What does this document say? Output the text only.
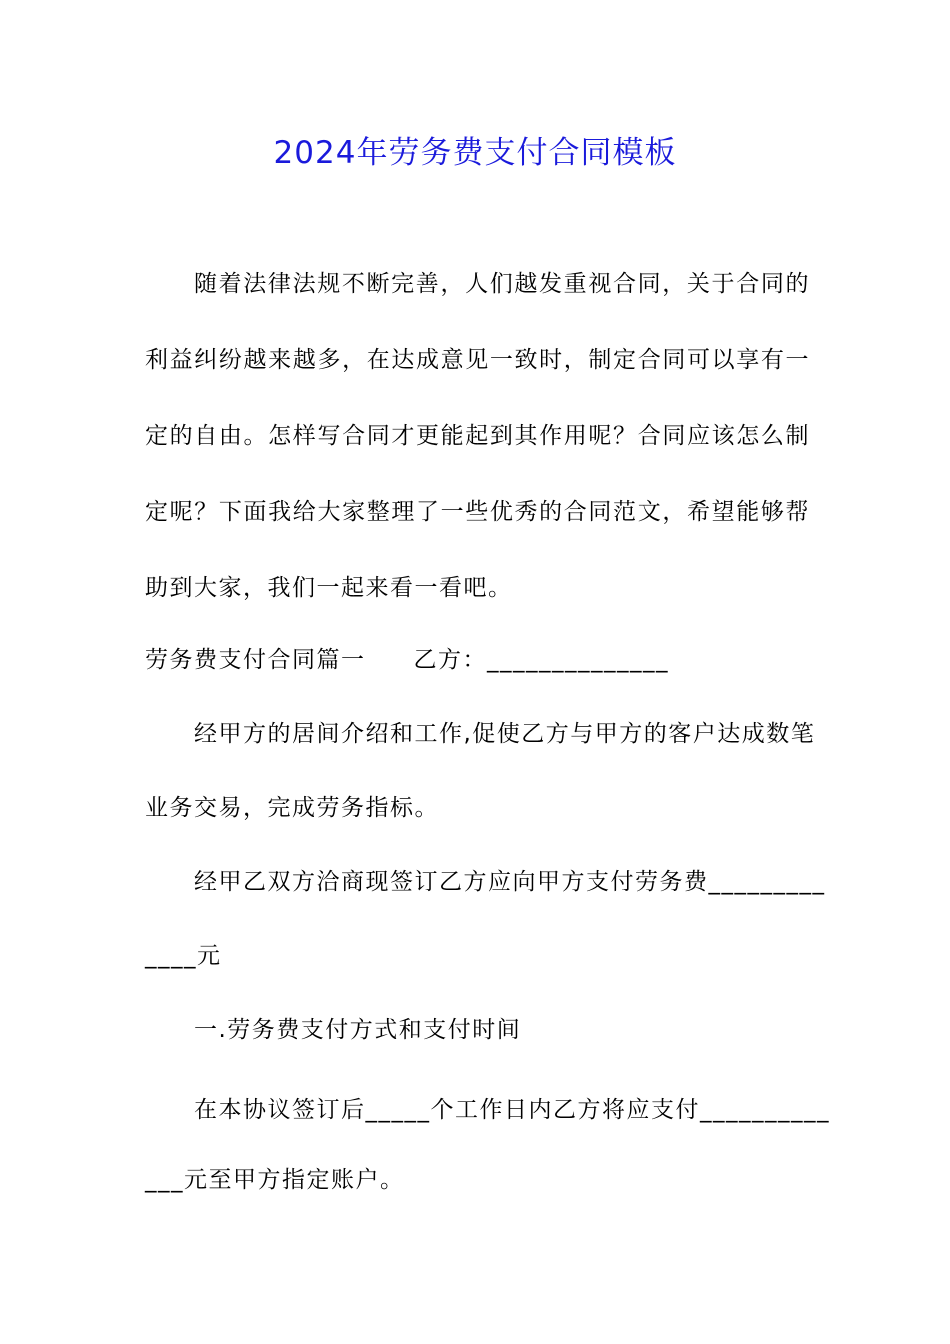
2024年劳务费支付合同模板
随着法律法规不断完善，人们越发重视合同，关于合同的
利益纠纷越来越多，在达成意见一致时，制定合同可以享有一
定的自由。怎样写合同才更能起到其作用呢？合同应该怎么制
定呢？下面我给大家整理了一些优秀的合同范文，希望能够帮
助到大家，我们一起来看一看吧。
劳务费支付合同篇一 乙方：______________
经甲方的居间介绍和工作,促使乙方与甲方的客户达成数笔
业务交易，完成劳务指标。
经甲乙双方洽商现签订乙方应向甲方支付劳务费_________
____元
一.劳务费支付方式和支付时间
在本协议签订后_____个工作日内乙方将应支付__________
___元至甲方指定账户。
